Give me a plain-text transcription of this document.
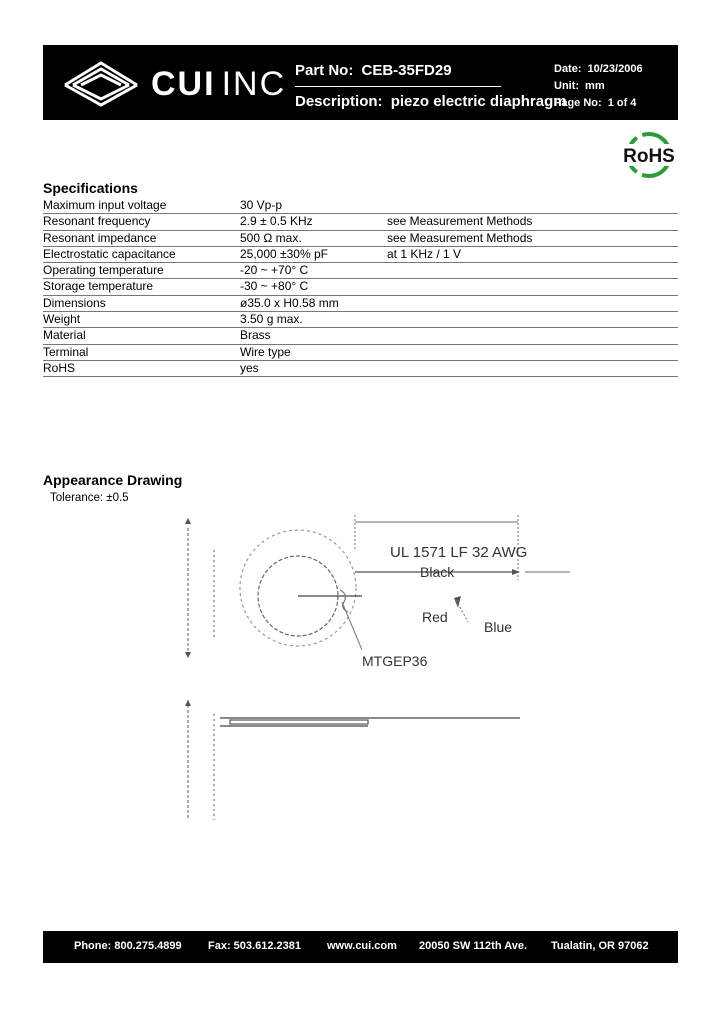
CUI INC Part No: CEB-35FD29
Description: piezo electric diaphragm
Date: 10/23/2006
Unit: mm
Page No: 1 of 4
RoHS
Specifications
Maximum input voltage	30 Vp-p
Resonant frequency	2.9 ± 0.5 KHz	see Measurement Methods
Resonant impedance	500 Ω max.	see Measurement Methods
Electrostatic capacitance	25,000 ±30% pF	at 1 KHz / 1 V
Operating temperature	-20 ~ +70° C
Storage temperature	-30 ~ +80° C
Dimensions	ø35.0 x H0.58 mm
Weight	3.50 g max.
Material	Brass
Terminal	Wire type
RoHS	yes
Appearance Drawing
Tolerance: ±0.5
UL 1571 LF 32 AWG
Black
Red
Blue
MTGEP36
Phone: 800.275.4899 Fax: 503.612.2381 www.cui.com 20050 SW 112th Ave. Tualatin, OR 97062
